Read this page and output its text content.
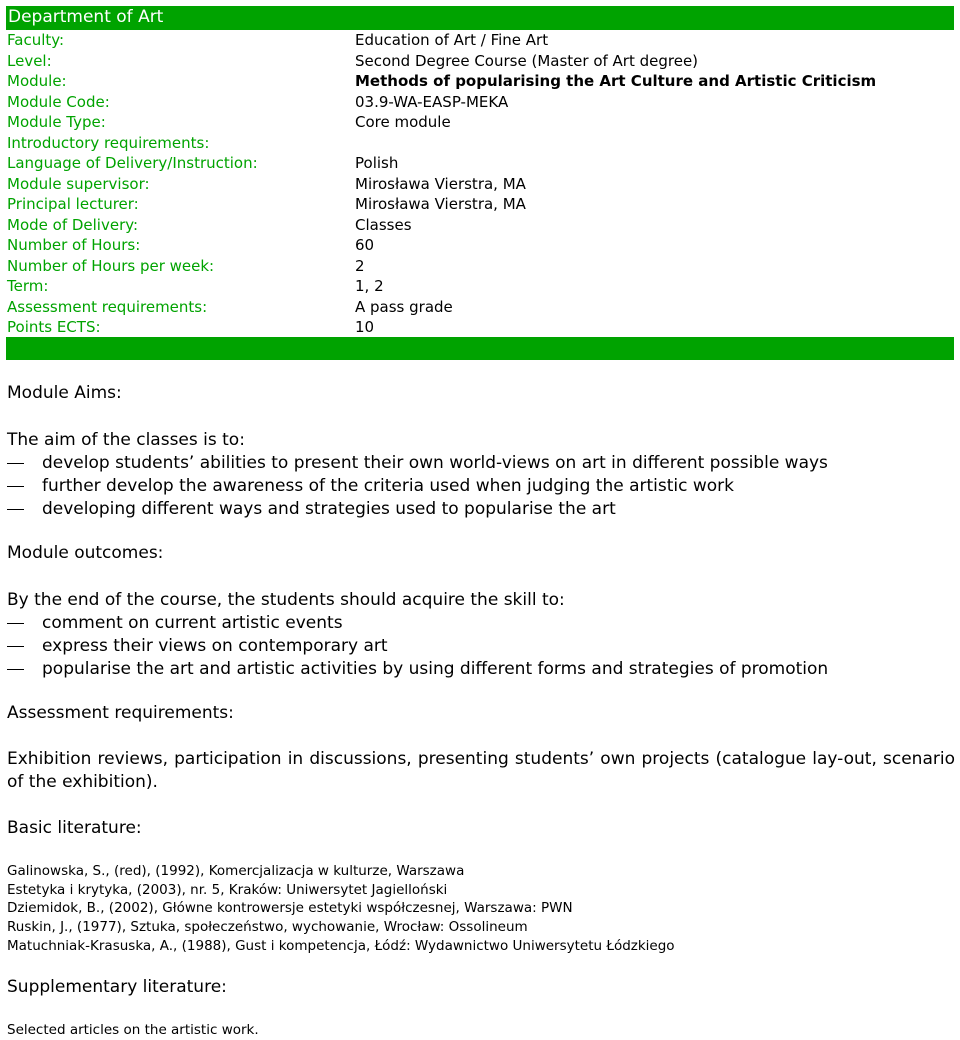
Department of Art
Faculty:	Education of Art / Fine Art
Level:	Second Degree Course (Master of Art degree)
Module:	Methods of popularising the Art Culture and Artistic Criticism
Module Code:	03.9-WA-EASP-MEKA
Module Type:	Core module
Introductory requirements:
Language of Delivery/Instruction:	Polish
Module supervisor:	Mirosława Vierstra, MA
Principal lecturer:	Mirosława Vierstra, MA
Mode of Delivery:	Classes
Number of Hours:	60
Number of Hours per week:	2
Term:	1, 2
Assessment requirements:	A pass grade
Points ECTS:	10
Module Aims:
The aim of the classes is to:
develop students’ abilities to present their own world-views on art in different possible ways
further develop the awareness of the criteria used when judging the artistic work
developing different ways and strategies used to popularise the art
Module outcomes:
By the end of the course, the students should acquire the skill to:
comment on current artistic events
express their views on contemporary art
popularise the art and artistic activities by using different forms and strategies of promotion
Assessment requirements:
Exhibition reviews, participation in discussions, presenting students’ own projects (catalogue lay-out, scenario of the exhibition).
Basic literature:
Galinowska, S., (red), (1992), Komercjalizacja w kulturze, Warszawa
Estetyka i krytyka, (2003), nr. 5, Kraków: Uniwersytet Jagielloński
Dziemidok, B., (2002), Główne kontrowersje estetyki współczesnej, Warszawa: PWN
Ruskin, J., (1977), Sztuka, społeczeństwo, wychowanie, Wrocław: Ossolineum
Matuchniak-Krasuska, A., (1988), Gust i kompetencja, Łódź: Wydawnictwo Uniwersytetu Łódzkiego
Supplementary literature:
Selected articles on the artistic work.
